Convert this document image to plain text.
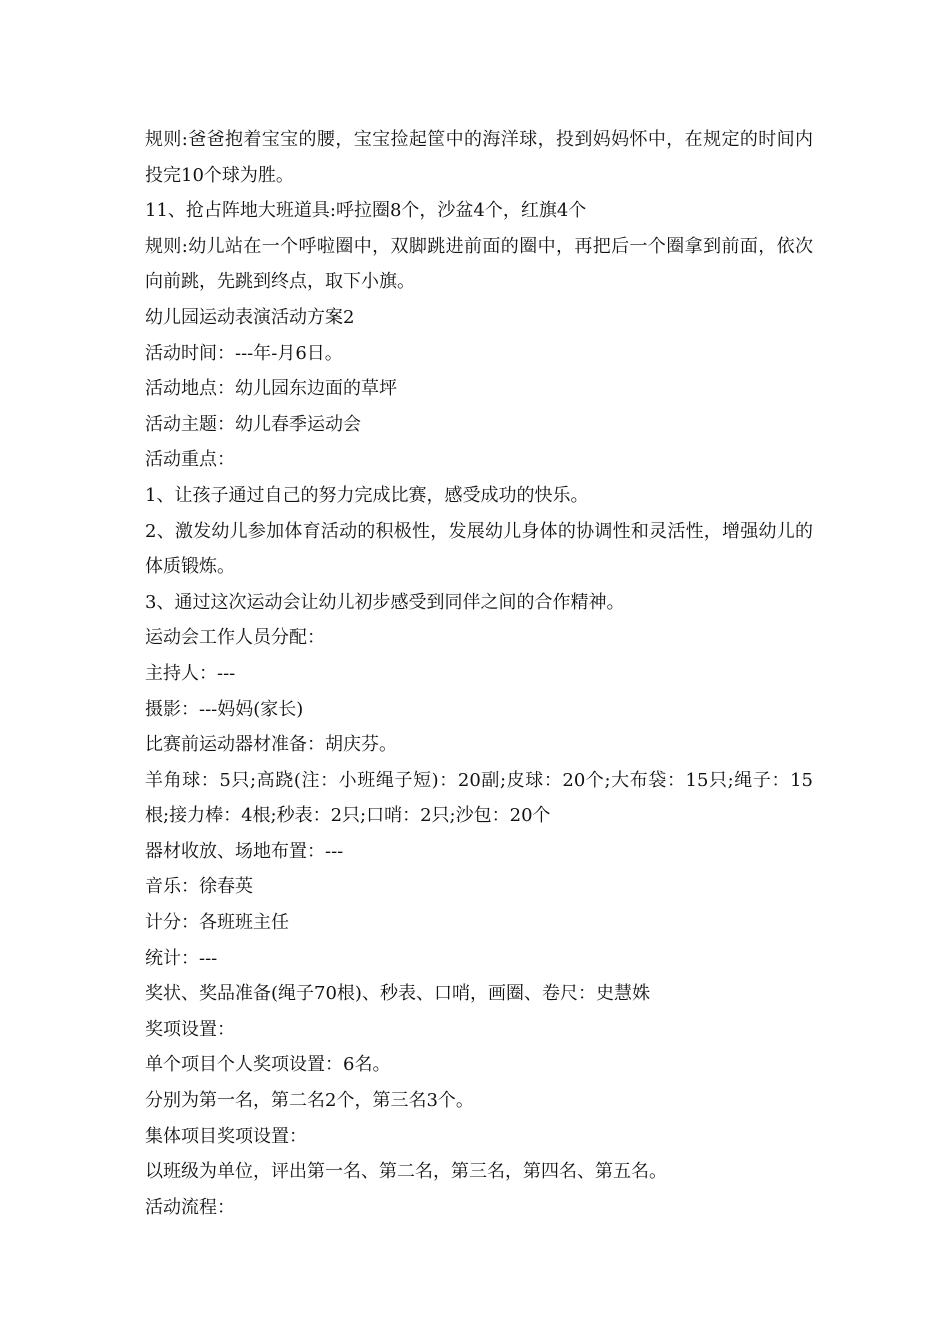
规则:爸爸抱着宝宝的腰，宝宝捡起筐中的海洋球，投到妈妈怀中，在规定的时间内投完10个球为胜。

11、抢占阵地大班道具:呼拉圈8个，沙盆4个，红旗4个

规则:幼儿站在一个呼啦圈中，双脚跳进前面的圈中，再把后一个圈拿到前面，依次向前跳，先跳到终点，取下小旗。

幼儿园运动表演活动方案2

活动时间：---年-月6日。

活动地点：幼儿园东边面的草坪

活动主题：幼儿春季运动会

活动重点：

1、让孩子通过自己的努力完成比赛，感受成功的快乐。

2、激发幼儿参加体育活动的积极性，发展幼儿身体的协调性和灵活性，增强幼儿的体质锻炼。

3、通过这次运动会让幼儿初步感受到同伴之间的合作精神。

运动会工作人员分配：

主持人：---

摄影：---妈妈(家长)

比赛前运动器材准备：胡庆芬。

羊角球：5只;高跷(注：小班绳子短)：20副;皮球：20个;大布袋：15只;绳子：15根;接力棒：4根;秒表：2只;口哨：2只;沙包：20个

器材收放、场地布置：---

音乐：徐春英

计分：各班班主任

统计：---

奖状、奖品准备(绳子70根)、秒表、口哨，画圈、卷尺：史慧姝

奖项设置：

单个项目个人奖项设置：6名。

分别为第一名，第二名2个，第三名3个。

集体项目奖项设置：

以班级为单位，评出第一名、第二名，第三名，第四名、第五名。

活动流程：
